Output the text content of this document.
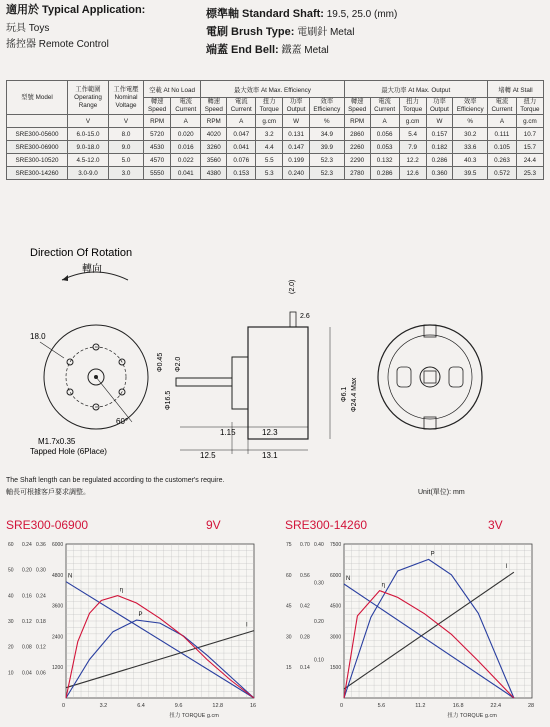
適用於 Typical Application:
玩具 Toys
搖控器 Remote Control
標準軸 Standard Shaft: 19.5, 25.0 (mm)
電刷 Brush Type: 電刷針 Metal
端蓋 End Bell: 鐵蓋 Metal
型號 Model	工作範圍 Operating Range	工作電壓 Nominal Voltage	空載 At No Load		最大效率 At Max. Efficiency					最大功率 At Max. Output					堵轉 At Stall	
			轉速 Speed	電流 Current	轉速 Speed	電流 Current	扭力 Torque	功率 Output	效率 Efficiency	轉速 Speed	電流 Current	扭力 Torque	功率 Output	效率 Efficiency	電流 Current	扭力 Torque
	V	V	RPM	A	RPM	A	g.cm	W	%	RPM	A	g.cm	W	%	A	g.cm
SRE300-05600	6.0-15.0	8.0	5720	0.020	4020	0.047	3.2	0.131	34.9	2860	0.056	5.4	0.157	30.2	0.111	10.7
SRE300-06900	9.0-18.0	9.0	4530	0.016	3260	0.041	4.4	0.147	39.9	2260	0.053	7.9	0.182	33.6	0.105	15.7
SRE300-10520	4.5-12.0	5.0	4570	0.022	3560	0.076	5.5	0.199	52.3	2290	0.132	12.2	0.286	40.3	0.263	24.4
SRE300-14260	3.0-9.0	3.0	5550	0.041	4380	0.153	5.3	0.240	52.3	2780	0.286	12.6	0.360	39.5	0.572	25.3
Direction Of Rotation
轉向
18.0
60°
M1.7x0.35
Tapped Hole (6Place)
(2.0)
2.6
Φ0.45 Φ2.0
Φ16.5	Φ6.1 Φ24.4 Max
1.15	12.3
12.5	13.1
The Shaft length can be regulated according to the customer's require.
軸長可根據客戶要求調整。	Unit(單位): mm
SRE300-06900	9V	SRE300-14260	3V
10
20
30
40
50
60
0.04
0.08
0.12
0.16
0.20
0.24
0.06
0.12
0.18
0.24
0.30
0.36
1200
2400
3600
4800
6000
0	3.2	6.4	9.6	12.8	16
扭力 TORQUE g.cm
N
I
P
η
15
30
45
60
75
0.14
0.28
0.42
0.56
0.70
0.10
0.20
0.30
0.40
1500
3000
4500
6000
7500
0	5.6	11.2	16.8	22.4	28
扭力 TORQUE g.cm
N
I
P
η
